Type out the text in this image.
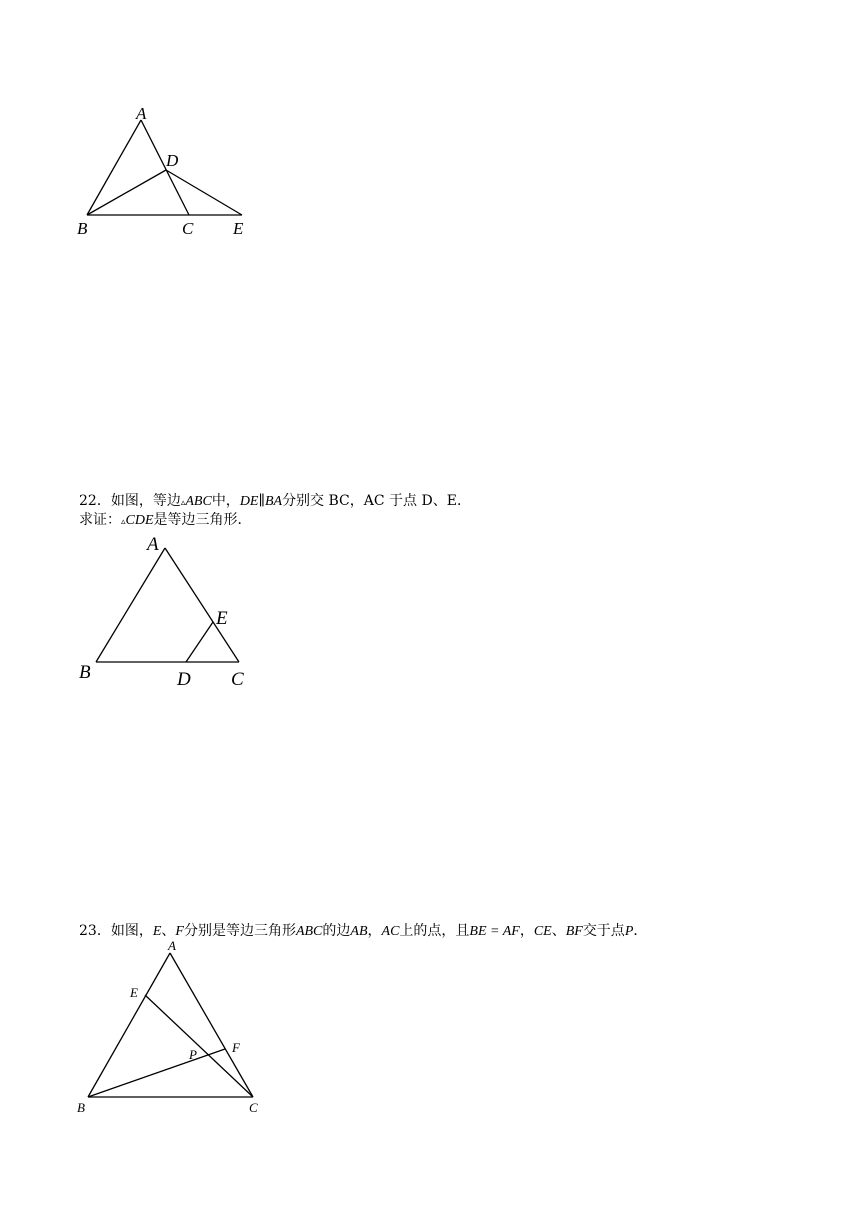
A
D
B	C E
22．如图，等边▵ABC中，DE∥BA分别交 BC，AC 于点 D、E．
求证：▵CDE是等边三角形．
A
E
B	D C
23．如图，E、F分别是等边三角形ABC的边AB，AC上的点，且BE = AF，CE、BF交于点P．
A
E
F
P
B	C
